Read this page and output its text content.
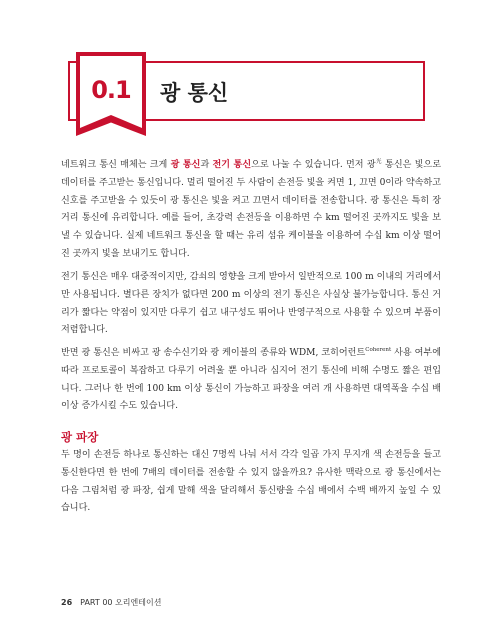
0.1	광 통신

네트워크 통신 매체는 크게 광 통신과 전기 통신으로 나눌 수 있습니다. 먼저 광$^光$ 통신은 빛으로 데이터를 주고받는 통신입니다. 멀리 떨어진 두 사람이 손전등 빛을 켜면 1, 끄면 0이라 약속하고 신호를 주고받을 수 있듯이 광 통신은 빛을 켜고 끄면서 데이터를 전송합니다. 광 통신은 특히 장거리 통신에 유리합니다. 예를 들어, 초강력 손전등을 이용하면 수 km 떨어진 곳까지도 빛을 보낼 수 있습니다. 실제 네트워크 통신을 할 때는 유리 섬유 케이블을 이용하여 수십 km 이상 떨어진 곳까지 빛을 보내기도 합니다.

전기 통신은 매우 대중적이지만, 감쇠의 영향을 크게 받아서 일반적으로 100 m 이내의 거리에서만 사용됩니다. 별다른 장치가 없다면 200 m 이상의 전기 통신은 사실상 불가능합니다. 통신 거리가 짧다는 약점이 있지만 다루기 쉽고 내구성도 뛰어나 반영구적으로 사용할 수 있으며 부품이 저렴합니다.

반면 광 통신은 비싸고 광 송수신기와 광 케이블의 종류와 WDM, 코히어런트$^{Coherent}$ 사용 여부에 따라 프로토콜이 복잡하고 다루기 어려울 뿐 아니라 심지어 전기 통신에 비해 수명도 짧은 편입니다. 그러나 한 번에 100 km 이상 통신이 가능하고 파장을 여러 개 사용하면 대역폭을 수십 배 이상 증가시킬 수도 있습니다.

광 파장

두 명이 손전등 하나로 통신하는 대신 7명씩 나눠 서서 각각 일곱 가지 무지개 색 손전등을 들고 통신한다면 한 번에 7배의 데이터를 전송할 수 있지 않을까요? 유사한 맥락으로 광 통신에서는 다음 그림처럼 광 파장, 쉽게 말해 색을 달리해서 통신량을 수십 배에서 수백 배까지 높일 수 있습니다.

26 PART 00 오리엔테이션
